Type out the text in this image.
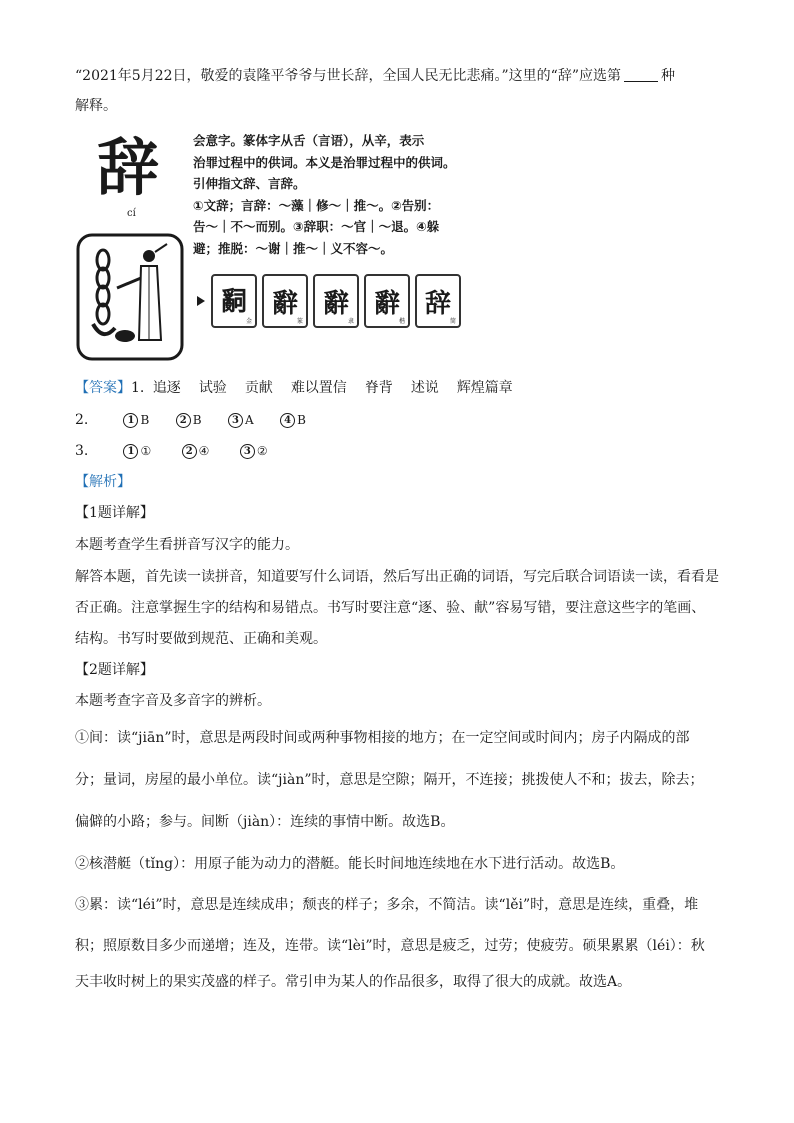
“2021年5月22日，敬爱的袁隆平爷爷与世长辞，全国人民无比悲痛。”这里的“辞”应选第	种
解释。
辞
cí
会意字。篆体字从舌（言语），从辛，表示
治罪过程中的供词。本义是治罪过程中的供词。
引伸指文辞、言辞。
①文辞；言辞：～藻｜修～｜推～。②告别：
告～｜不～而别。③辞职：～官｜～退。④躲
避；推脱：～谢｜推～｜义不容～。
𤔲
金
辭
篆
辭
隶
辭
楷
辞
简
【答案】1. 追逐 试验 贡献 难以置信 脊背 述说 辉煌篇章
2.	1 B	2 B	3 A	4 B
3.	1 ①	2 ④	3 ②
【解析】
【1题详解】
本题考查学生看拼音写汉字的能力。
解答本题，首先读一读拼音，知道要写什么词语，然后写出正确的词语，写完后联合词语读一读，看看是
否正确。注意掌握生字的结构和易错点。书写时要注意“逐、验、献”容易写错，要注意这些字的笔画、
结构。书写时要做到规范、正确和美观。
【2题详解】
本题考查字音及多音字的辨析。
①间：读“jiān”时，意思是两段时间或两种事物相接的地方；在一定空间或时间内；房子内隔成的部
分；量词，房屋的最小单位。读“jiàn”时，意思是空隙；隔开，不连接；挑拨使人不和；拔去，除去；
偏僻的小路；参与。间断（jiàn）：连续的事情中断。故选B。
②核潜艇（tǐng）：用原子能为动力的潜艇。能长时间地连续地在水下进行活动。故选B。
③累：读“léi”时，意思是连续成串；颓丧的样子；多余，不简洁。读“lěi”时，意思是连续，重叠，堆
积；照原数目多少而递增；连及，连带。读“lèi”时，意思是疲乏，过劳；使疲劳。硕果累累（léi）：秋
天丰收时树上的果实茂盛的样子。常引申为某人的作品很多，取得了很大的成就。故选A。
